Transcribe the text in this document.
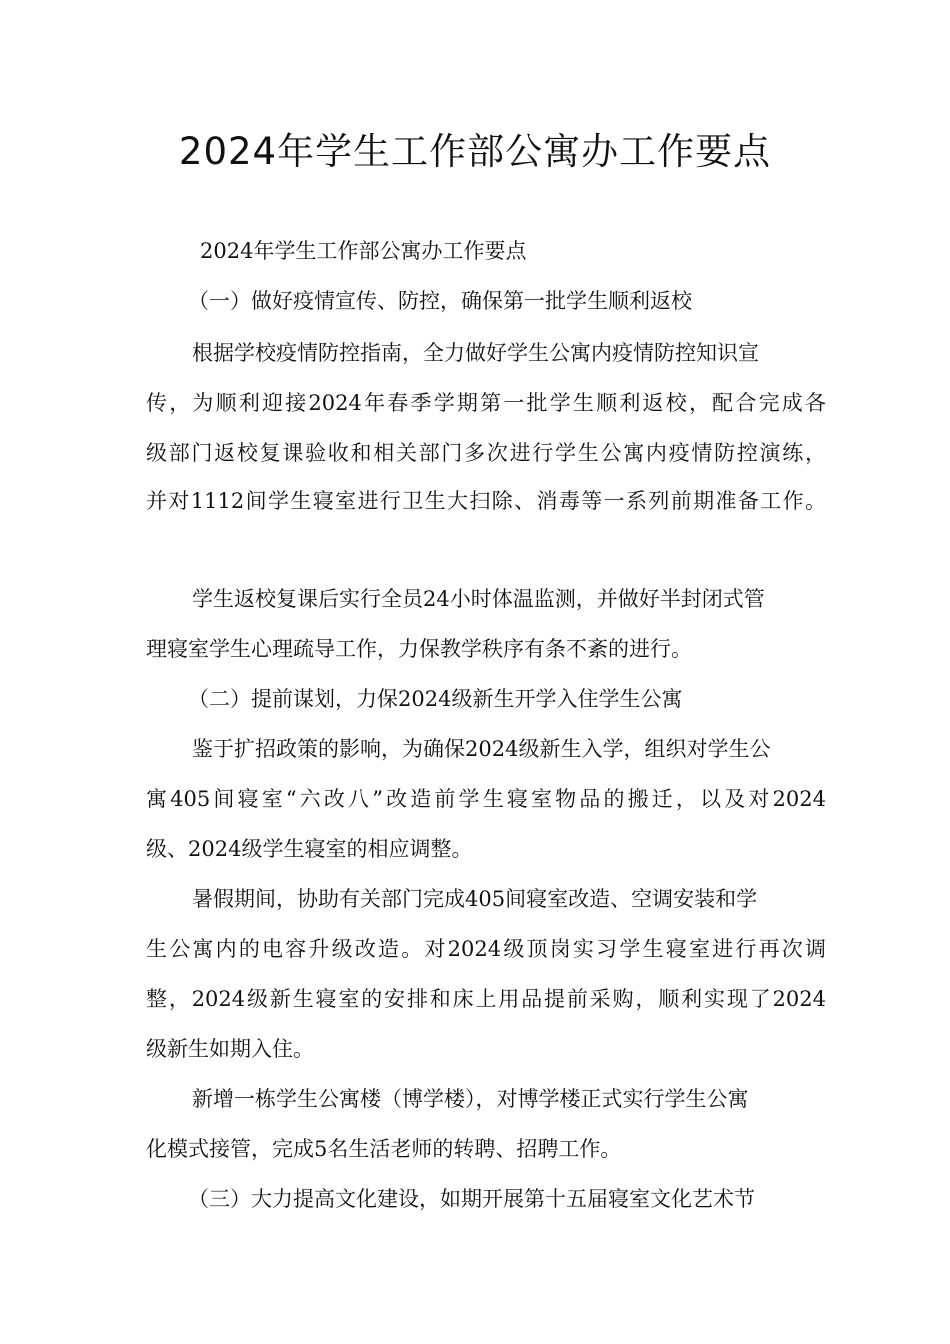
2024年学生工作部公寓办工作要点

2024年学生工作部公寓办工作要点

（一）做好疫情宣传、防控，确保第一批学生顺利返校

根据学校疫情防控指南，全力做好学生公寓内疫情防控知识宣

传，为顺利迎接2024年春季学期第一批学生顺利返校，配合完成各

级部门返校复课验收和相关部门多次进行学生公寓内疫情防控演练，

并对1112间学生寝室进行卫生大扫除、消毒等一系列前期准备工作。

学生返校复课后实行全员24小时体温监测，并做好半封闭式管

理寝室学生心理疏导工作，力保教学秩序有条不紊的进行。

（二）提前谋划，力保2024级新生开学入住学生公寓

鉴于扩招政策的影响，为确保2024级新生入学，组织对学生公

寓405间寝室“六改八”改造前学生寝室物品的搬迁，以及对2024

级、2024级学生寝室的相应调整。

暑假期间，协助有关部门完成405间寝室改造、空调安装和学

生公寓内的电容升级改造。对2024级顶岗实习学生寝室进行再次调

整，2024级新生寝室的安排和床上用品提前采购，顺利实现了2024

级新生如期入住。

新增一栋学生公寓楼（博学楼），对博学楼正式实行学生公寓

化模式接管，完成5名生活老师的转聘、招聘工作。

（三）大力提高文化建设，如期开展第十五届寝室文化艺术节
